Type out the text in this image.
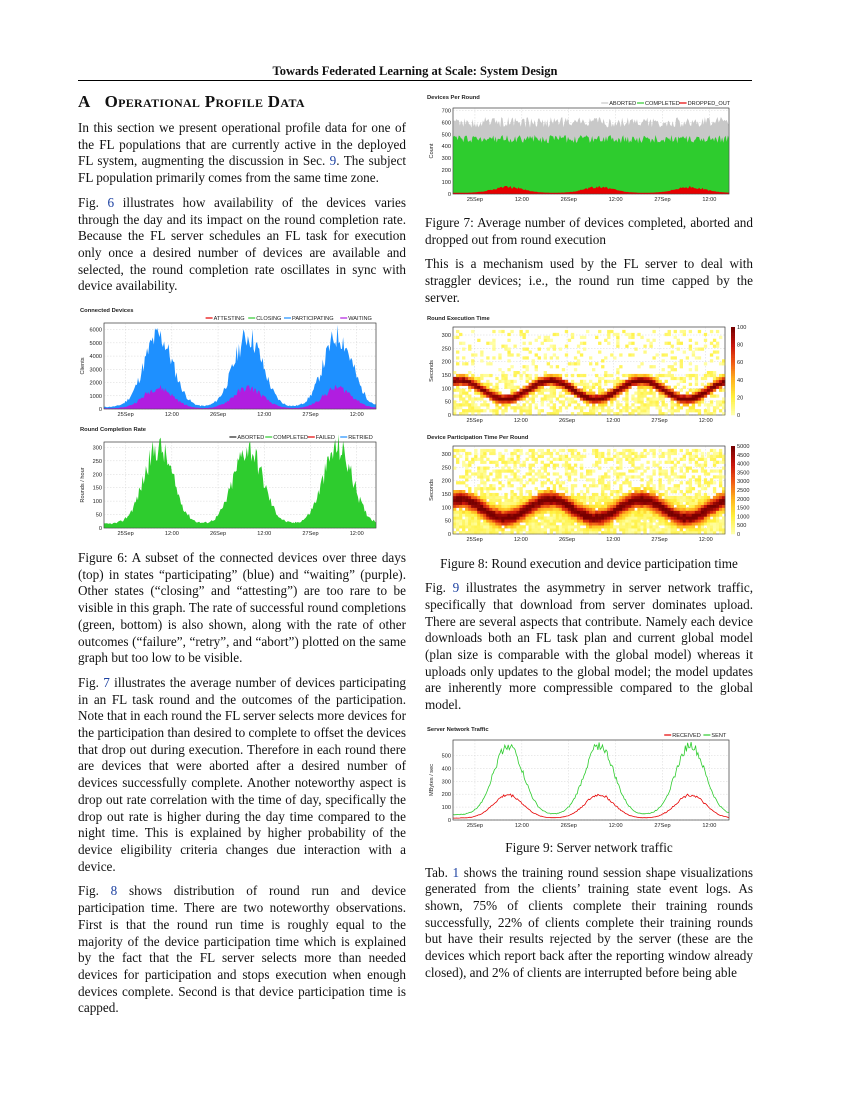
Towards Federated Learning at Scale: System Design
A Operational Profile Data

In this section we present operational profile data for one of the FL populations that are currently active in the deployed FL system, augmenting the discussion in Sec. 9. The subject FL population primarily comes from the same time zone.

Fig. 6 illustrates how availability of the devices varies through the day and its impact on the round completion rate. Because the FL server schedules an FL task for execution only once a desired number of devices are available and selected, the round completion rate oscillates in sync with device availability.

Connected Devices
WAITING
PARTICIPATING
CLOSING
ATTESTING
0
1000
2000
3000
4000
5000
6000
25Sep	12:00	26Sep	12:00	27Sep	12:00
Clients
Round Completion Rate
RETRIED
FAILED
COMPLETED
ABORTED
0
50
100
150
200
250
300
25Sep	12:00	26Sep	12:00	27Sep	12:00
Rounds / hour

Figure 6: A subset of the connected devices over three days (top) in states “participating” (blue) and “waiting” (purple). Other states (“closing” and “attesting”) are too rare to be visible in this graph. The rate of successful round completions (green, bottom) is also shown, along with the rate of other outcomes (“failure”, “retry”, and “abort”) plotted on the same graph but too low to be visible.

Fig. 7 illustrates the average number of devices participating in an FL task round and the outcomes of the participation. Note that in each round the FL server selects more devices for the participation than desired to complete to offset the devices that drop out during execution. Therefore in each round there are devices that were aborted after a desired number of devices successfully complete. Another noteworthy aspect is drop out rate correlation with the time of day, specifically the drop out rate is higher during the day time compared to the night time. This is explained by higher probability of the device eligibility criteria changes due interaction with a device.

Fig. 8 shows distribution of round run and device participation time. There are two noteworthy observations. First is that the round run time is roughly equal to the majority of the device participation time which is explained by the fact that the FL server selects more than needed devices for participation and stops execution when enough devices complete. Second is that device participation time is capped.

Devices Per Round
DROPPED_OUT
COMPLETED
ABORTED
0
100
200
300
400
500
600
700
25Sep	12:00	26Sep	12:00	27Sep	12:00
Count

Figure 7: Average number of devices completed, aborted and dropped out from round execution

This is a mechanism used by the FL server to deal with straggler devices; i.e., the round run time capped by the server.

Round Execution Time
0
50
100
150
200
250
300
25Sep	12:00	26Sep	12:00	27Sep	12:00
Seconds
0
20
40
60
80
100
Device Participation Time Per Round
0
50
100
150
200
250
300
25Sep	12:00	26Sep	12:00	27Sep	12:00
Seconds
0
500
1000
1500
2000
2500
3000
3500
4000
4500
5000

Figure 8: Round execution and device participation time

Fig. 9 illustrates the asymmetry in server network traffic, specifically that download from server dominates upload. There are several aspects that contribute. Namely each device downloads both an FL task plan and current global model (plan size is comparable with the global model) whereas it uploads only updates to the global model; the model updates are inherently more compressible compared to the global model.

Server Network Traffic
SENT
RECEIVED
0
100
200
300
400
500
25Sep	12:00	26Sep	12:00	27Sep	12:00
MBytes / sec

Figure 9: Server network traffic

Tab. 1 shows the training round session shape visualizations generated from the clients’ training state event logs. As shown, 75% of clients complete their training rounds successfully, 22% of clients complete their training rounds but have their results rejected by the server (these are the devices which report back after the reporting window already closed), and 2% of clients are interrupted before being able
